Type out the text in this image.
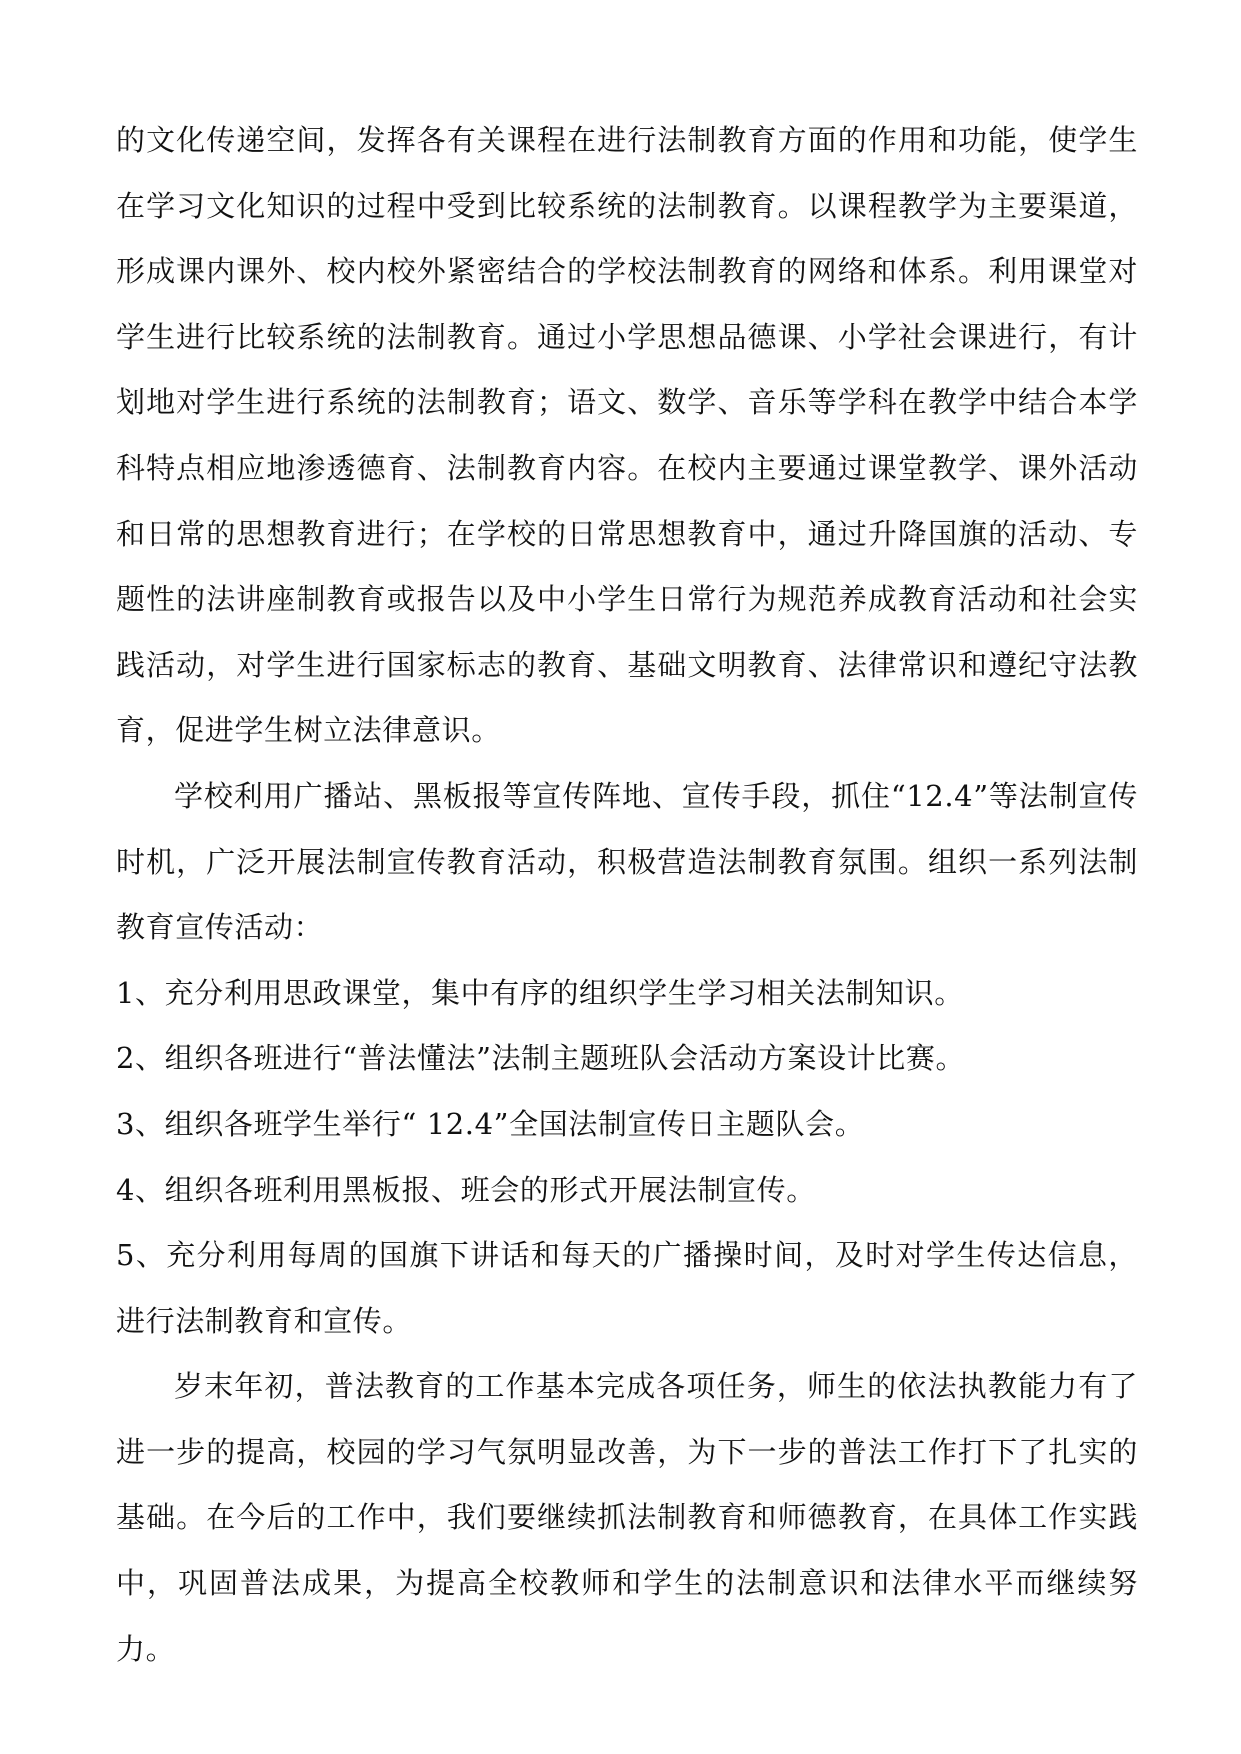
的文化传递空间，发挥各有关课程在进行法制教育方面的作用和功能，使学生在学习文化知识的过程中受到比较系统的法制教育。以课程教学为主要渠道，形成课内课外、校内校外紧密结合的学校法制教育的网络和体系。利用课堂对学生进行比较系统的法制教育。通过小学思想品德课、小学社会课进行，有计划地对学生进行系统的法制教育；语文、数学、音乐等学科在教学中结合本学科特点相应地渗透德育、法制教育内容。在校内主要通过课堂教学、课外活动和日常的思想教育进行；在学校的日常思想教育中，通过升降国旗的活动、专题性的法讲座制教育或报告以及中小学生日常行为规范养成教育活动和社会实践活动，对学生进行国家标志的教育、基础文明教育、法律常识和遵纪守法教育，促进学生树立法律意识。

学校利用广播站、黑板报等宣传阵地、宣传手段，抓住“12.4”等法制宣传时机，广泛开展法制宣传教育活动，积极营造法制教育氛围。组织一系列法制教育宣传活动：

1、充分利用思政课堂，集中有序的组织学生学习相关法制知识。

2、组织各班进行“普法懂法”法制主题班队会活动方案设计比赛。

3、组织各班学生举行“ 12.4”全国法制宣传日主题队会。

4、组织各班利用黑板报、班会的形式开展法制宣传。

5、充分利用每周的国旗下讲话和每天的广播操时间，及时对学生传达信息，进行法制教育和宣传。

岁末年初，普法教育的工作基本完成各项任务，师生的依法执教能力有了进一步的提高，校园的学习气氛明显改善，为下一步的普法工作打下了扎实的基础。在今后的工作中，我们要继续抓法制教育和师德教育，在具体工作实践中，巩固普法成果，为提高全校教师和学生的法制意识和法律水平而继续努力。
